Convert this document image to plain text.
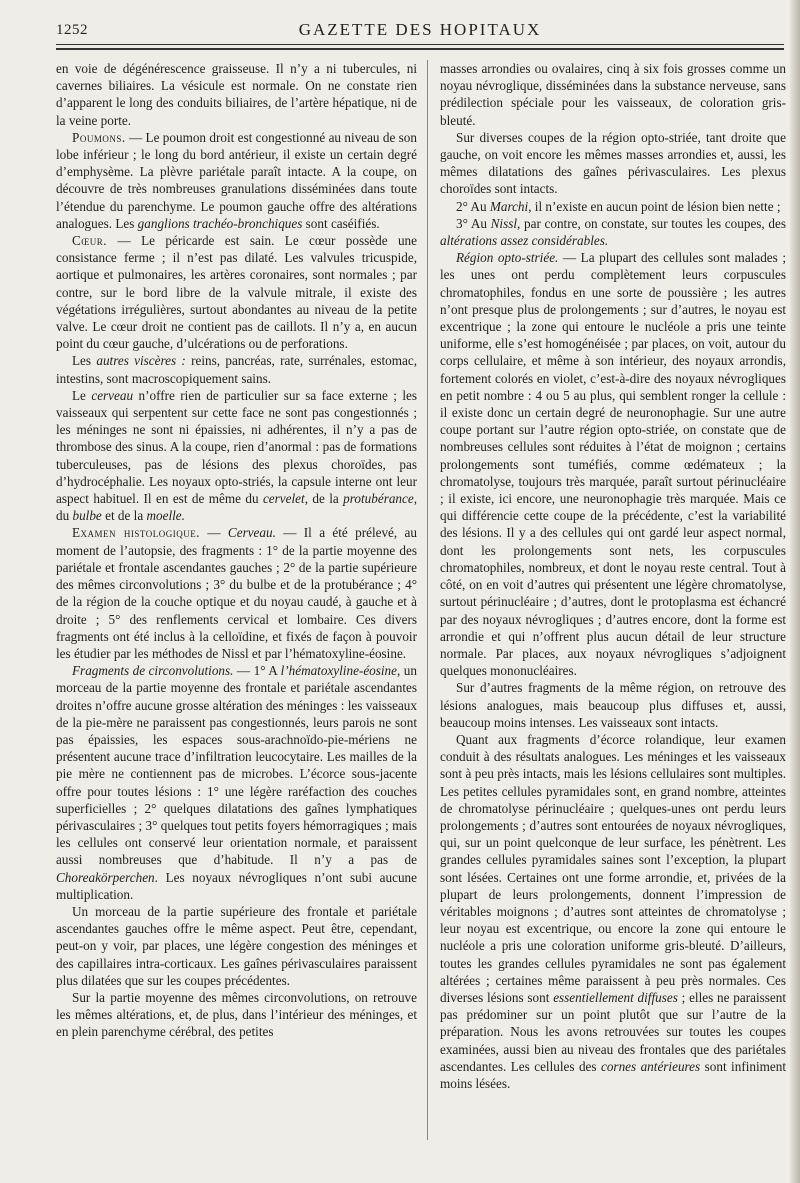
1252	GAZETTE DES HOPITAUX

en voie de dégénérescence graisseuse. Il n’y a ni tubercules, ni cavernes biliaires. La vésicule est normale. On ne constate rien d’apparent le long des conduits biliaires, de l’artère hépatique, ni de la veine porte.

Poumons. — Le poumon droit est congestionné au niveau de son lobe inférieur ; le long du bord antérieur, il existe un certain degré d’emphysème. La plèvre pariétale paraît intacte. A la coupe, on découvre de très nombreuses granulations disséminées dans toute l’étendue du parenchyme. Le poumon gauche offre des altérations analogues. Les ganglions trachéo-bronchiques sont caséifiés.

Cœur. — Le péricarde est sain. Le cœur possède une consistance ferme ; il n’est pas dilaté. Les valvules tricuspide, aortique et pulmonaires, les artères coronaires, sont normales ; par contre, sur le bord libre de la valvule mitrale, il existe des végétations irrégulières, surtout abondantes au niveau de la petite valve. Le cœur droit ne contient pas de caillots. Il n’y a, en aucun point du cœur gauche, d’ulcérations ou de perforations.

Les autres viscères : reins, pancréas, rate, surrénales, estomac, intestins, sont macroscopiquement sains.

Le cerveau n’offre rien de particulier sur sa face externe ; les vaisseaux qui serpentent sur cette face ne sont pas congestionnés ; les méninges ne sont ni épaissies, ni adhérentes, il n’y a pas de thrombose des sinus. A la coupe, rien d’anormal : pas de formations tuberculeuses, pas de lésions des plexus choroïdes, pas d’hydrocéphalie. Les noyaux opto-striés, la capsule interne ont leur aspect habituel. Il en est de même du cervelet, de la protubérance, du bulbe et de la moelle.

Examen histologique. — Cerveau. — Il a été prélevé, au moment de l’autopsie, des fragments : 1° de la partie moyenne des pariétale et frontale ascendantes gauches ; 2° de la partie supérieure des mêmes circonvolutions ; 3° du bulbe et de la protubérance ; 4° de la région de la couche optique et du noyau caudé, à gauche et à droite ; 5° des renflements cervical et lombaire. Ces divers fragments ont été inclus à la celloïdine, et fixés de façon à pouvoir les étudier par les méthodes de Nissl et par l’hématoxyline-éosine.

Fragments de circonvolutions. — 1° A l’hématoxyline-éosine, un morceau de la partie moyenne des frontale et pariétale ascendantes droites n’offre aucune grosse altération des méninges : les vaisseaux de la pie-mère ne paraissent pas congestionnés, leurs parois ne sont pas épaissies, les espaces sous-arachnoïdo-pie-mériens ne présentent aucune trace d’infiltration leucocytaire. Les mailles de la pie mère ne contiennent pas de microbes. L’écorce sous-jacente offre pour toutes lésions : 1° une légère raréfaction des couches superficielles ; 2° quelques dilatations des gaînes lymphatiques périvasculaires ; 3° quelques tout petits foyers hémorragiques ; mais les cellules ont conservé leur orientation normale, et paraissent aussi nombreuses que d’habitude. Il n’y a pas de Choreakörperchen. Les noyaux névrogliques n’ont subi aucune multiplication.

Un morceau de la partie supérieure des frontale et pariétale ascendantes gauches offre le même aspect. Peut être, cependant, peut-on y voir, par places, une légère congestion des méninges et des capillaires intra-corticaux. Les gaînes périvasculaires paraissent plus dilatées que sur les coupes précédentes.

Sur la partie moyenne des mêmes circonvolutions, on retrouve les mêmes altérations, et, de plus, dans l’intérieur des méninges, et en plein parenchyme cérébral, des petites

masses arrondies ou ovalaires, cinq à six fois grosses comme un noyau névroglique, disséminées dans la substance nerveuse, sans prédilection spéciale pour les vaisseaux, de coloration gris-bleuté.

Sur diverses coupes de la région opto-striée, tant droite que gauche, on voit encore les mêmes masses arrondies et, aussi, les mêmes dilatations des gaînes périvasculaires. Les plexus choroïdes sont intacts.

2° Au Marchi, il n’existe en aucun point de lésion bien nette ;

3° Au Nissl, par contre, on constate, sur toutes les coupes, des altérations assez considérables.

Région opto-striée. — La plupart des cellules sont malades ; les unes ont perdu complètement leurs corpuscules chromatophiles, fondus en une sorte de poussière ; les autres n’ont presque plus de prolongements ; sur d’autres, le noyau est excentrique ; la zone qui entoure le nucléole a pris une teinte uniforme, elle s’est homogénéisée ; par places, on voit, autour du corps cellulaire, et même à son intérieur, des noyaux arrondis, fortement colorés en violet, c’est-à-dire des noyaux névrogliques en petit nombre : 4 ou 5 au plus, qui semblent ronger la cellule : il existe donc un certain degré de neuronophagie. Sur une autre coupe portant sur l’autre région opto-striée, on constate que de nombreuses cellules sont réduites à l’état de moignon ; certains prolongements sont tuméfiés, comme œdémateux ; la chromatolyse, toujours très marquée, paraît surtout périnucléaire ; il existe, ici encore, une neuronophagie très marquée. Mais ce qui différencie cette coupe de la précédente, c’est la variabilité des lésions. Il y a des cellules qui ont gardé leur aspect normal, dont les prolongements sont nets, les corpuscules chromatophiles, nombreux, et dont le noyau reste central. Tout à côté, on en voit d’autres qui présentent une légère chromatolyse, surtout périnucléaire ; d’autres, dont le protoplasma est échancré par des noyaux névrogliques ; d’autres encore, dont la forme est arrondie et qui n’offrent plus aucun détail de leur structure normale. Par places, aux noyaux névrogliques s’adjoignent quelques mononucléaires.

Sur d’autres fragments de la même région, on retrouve des lésions analogues, mais beaucoup plus diffuses et, aussi, beaucoup moins intenses. Les vaisseaux sont intacts.

Quant aux fragments d’écorce rolandique, leur examen conduit à des résultats analogues. Les méninges et les vaisseaux sont à peu près intacts, mais les lésions cellulaires sont multiples. Les petites cellules pyramidales sont, en grand nombre, atteintes de chromatolyse périnucléaire ; quelques-unes ont perdu leurs prolongements ; d’autres sont entourées de noyaux névrogliques, qui, sur un point quelconque de leur surface, les pénètrent. Les grandes cellules pyramidales saines sont l’exception, la plupart sont lésées. Certaines ont une forme arrondie, et, privées de la plupart de leurs prolongements, donnent l’impression de véritables moignons ; d’autres sont atteintes de chromatolyse ; leur noyau est excentrique, ou encore la zone qui entoure le nucléole a pris une coloration uniforme gris-bleuté. D’ailleurs, toutes les grandes cellules pyramidales ne sont pas également altérées ; certaines même paraissent à peu près normales. Ces diverses lésions sont essentiellement diffuses ; elles ne paraissent pas prédominer sur un point plutôt que sur l’autre de la préparation. Nous les avons retrouvées sur toutes les coupes examinées, aussi bien au niveau des frontales que des pariétales ascendantes. Les cellules des cornes antérieures sont infiniment moins lésées.
